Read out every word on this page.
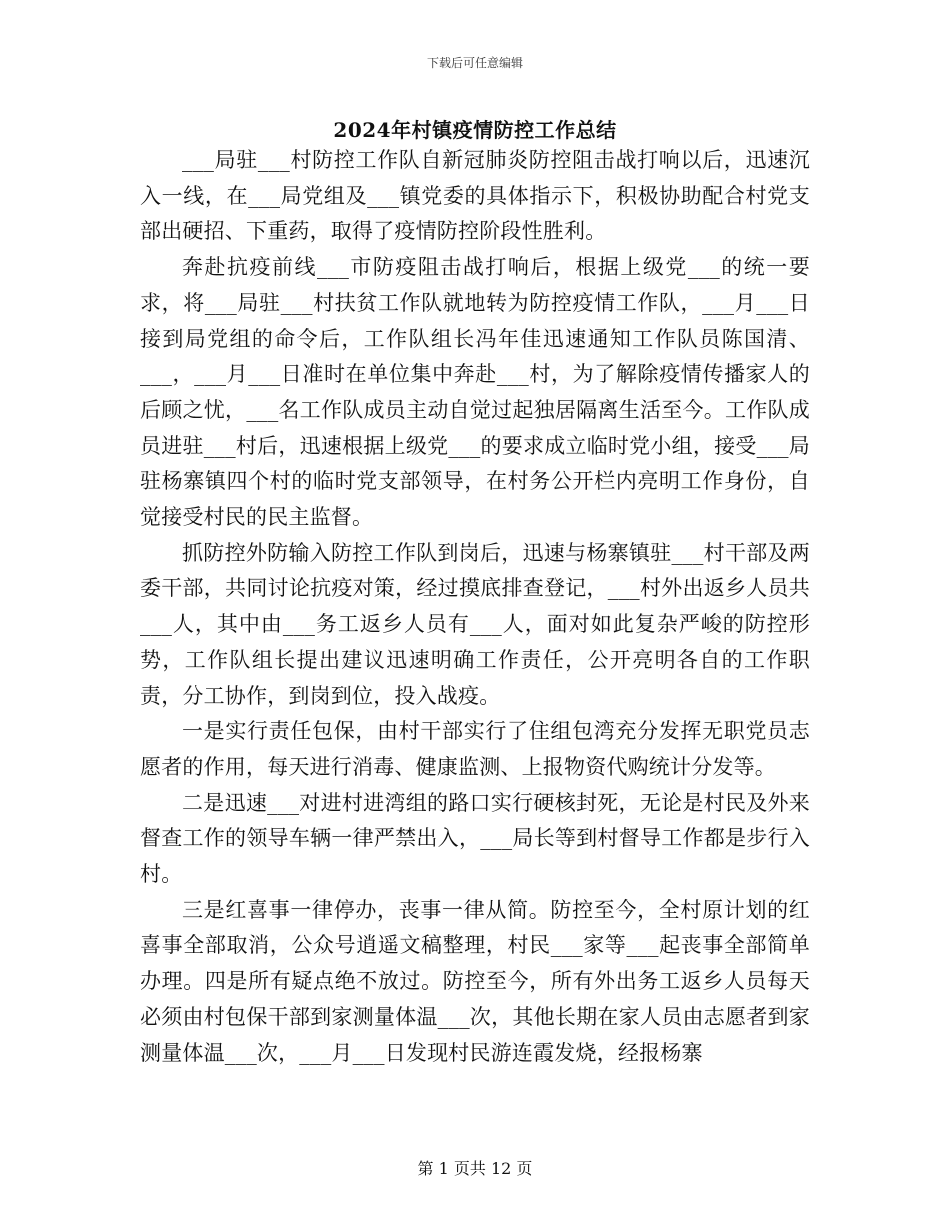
下载后可任意编辑
2024年村镇疫情防控工作总结

___局驻___村防控工作队自新冠肺炎防控阻击战打响以后，迅速沉入一线，在___局党组及___镇党委的具体指示下，积极协助配合村党支部出硬招、下重药，取得了疫情防控阶段性胜利。

奔赴抗疫前线___市防疫阻击战打响后，根据上级党___的统一要求，将___局驻___村扶贫工作队就地转为防控疫情工作队，___月___日接到局党组的命令后，工作队组长冯年佳迅速通知工作队员陈国清、___，___月___日准时在单位集中奔赴___村，为了解除疫情传播家人的后顾之忧，___名工作队成员主动自觉过起独居隔离生活至今。工作队成员进驻___村后，迅速根据上级党___的要求成立临时党小组，接受___局驻杨寨镇四个村的临时党支部领导，在村务公开栏内亮明工作身份，自觉接受村民的民主监督。

抓防控外防输入防控工作队到岗后，迅速与杨寨镇驻___村干部及两委干部，共同讨论抗疫对策，经过摸底排查登记，___村外出返乡人员共___人，其中由___务工返乡人员有___人，面对如此复杂严峻的防控形势，工作队组长提出建议迅速明确工作责任，公开亮明各自的工作职责，分工协作，到岗到位，投入战疫。

一是实行责任包保，由村干部实行了住组包湾充分发挥无职党员志愿者的作用，每天进行消毒、健康监测、上报物资代购统计分发等。

二是迅速___对进村进湾组的路口实行硬核封死，无论是村民及外来督查工作的领导车辆一律严禁出入，___局长等到村督导工作都是步行入村。

三是红喜事一律停办，丧事一律从简。防控至今，全村原计划的红喜事全部取消，公众号逍遥文稿整理，村民___家等___起丧事全部简单办理。四是所有疑点绝不放过。防控至今，所有外出务工返乡人员每天必须由村包保干部到家测量体温___次，其他长期在家人员由志愿者到家测量体温___次，___月___日发现村民游连霞发烧，经报杨寨

第 1 页共 12 页
